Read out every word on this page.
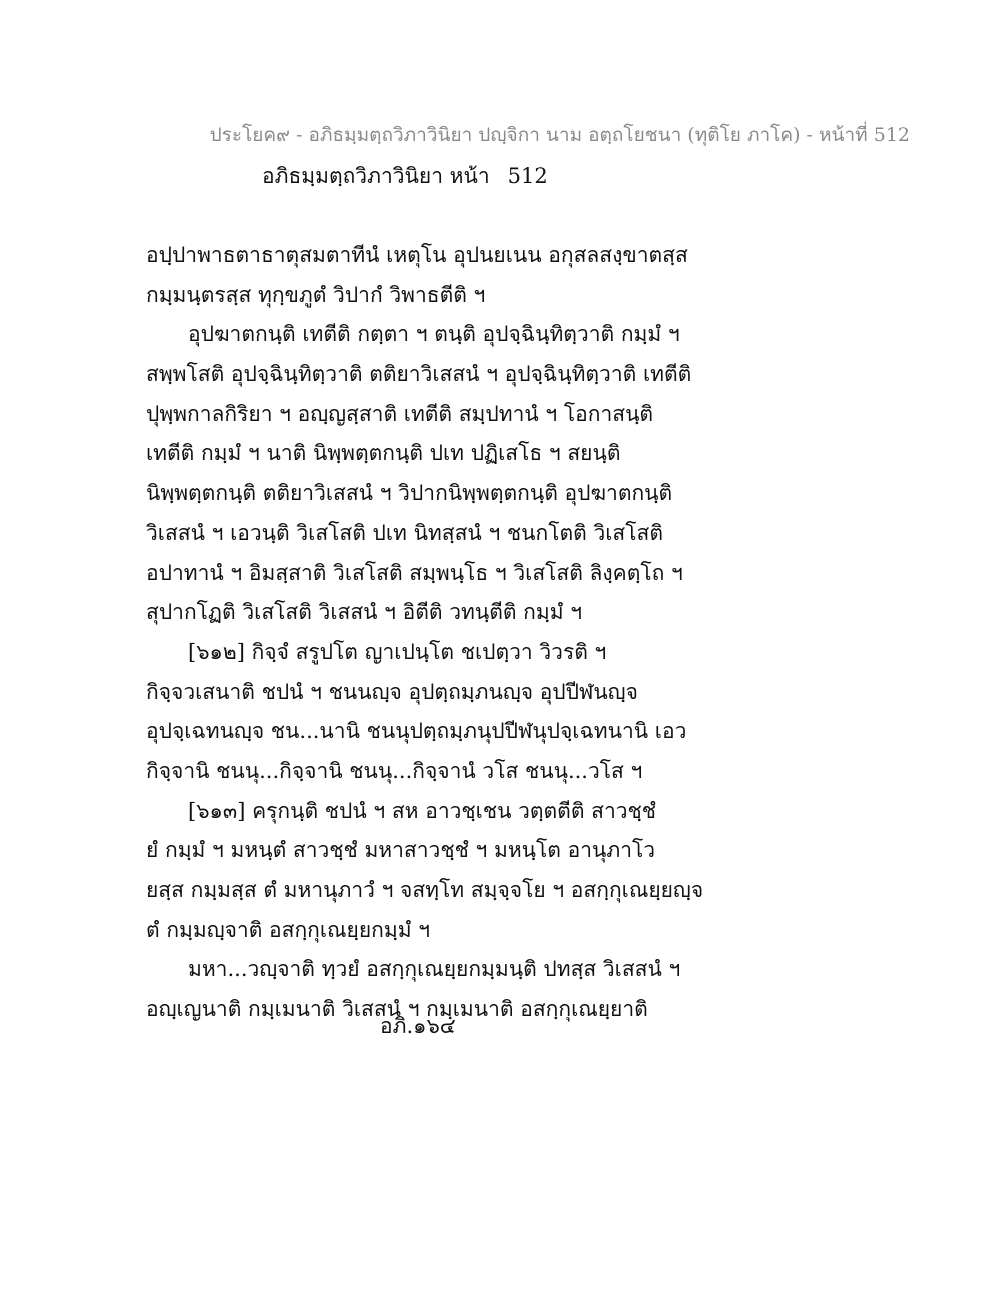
ประโยค๙ - อภิธมฺมตฺถวิภาวินิยา ปญฺจิกา นาม อตฺถโยชนา (ทุติโย ภาโค) - หน้าที่ 512
อภิธมฺมตฺถวิภาวินิยา หน้า 512
อปฺปาพาธตาธาตุสมตาทีนํ เหตุโน อุปนยเนน อกุสลสงฺขาตสฺส
กมฺมนฺตรสฺส ทุกฺขภูตํ วิปากํ วิพาธตีติ ฯ
อุปฆาตกนฺติ เทตีติ กตฺตา ฯ ตนฺติ อุปจฺฉินฺทิตฺวาติ กมฺมํ ฯ
สพฺพโสติ อุปจฺฉินฺทิตฺวาติ ตติยาวิเสสนํ ฯ อุปจฺฉินฺทิตฺวาติ เทตีติ
ปุพฺพกาลกิริยา ฯ อญฺญสฺสาติ เทตีติ สมฺปทานํ ฯ โอกาสนฺติ
เทตีติ กมฺมํ ฯ นาติ นิพฺพตฺตกนฺติ ปเท ปฏิเสโธ ฯ สยนฺติ
นิพฺพตฺตกนฺติ ตติยาวิเสสนํ ฯ วิปากนิพฺพตฺตกนฺติ อุปฆาตกนฺติ
วิเสสนํ ฯ เอวนฺติ วิเสโสติ ปเท นิทสฺสนํ ฯ ชนกโตติ วิเสโสติ
อปาทานํ ฯ อิมสฺสาติ วิเสโสติ สมฺพนฺโธ ฯ วิเสโสติ ลิงฺคตฺโถ ฯ
สุปากโฏติ วิเสโสติ วิเสสนํ ฯ อิตีติ วทนฺตีติ กมฺมํ ฯ
[๖๑๒] กิจฺจํ สรูปโต ญาเปนฺโต ชเปตฺวา วิวรติ ฯ
กิจฺจวเสนาติ ชปนํ ฯ ชนนญฺจ อุปตฺถมฺภนญฺจ อุปปีฬนญฺจ
อุปจฺเฉทนญฺจ ชน...นานิ ชนนุปตฺถมฺภนุปปีฬนุปจฺเฉทนานิ เอว
กิจฺจานิ ชนนุ...กิจฺจานิ ชนนุ...กิจฺจานํ วโส ชนนุ...วโส ฯ
[๖๑๓] ครุกนฺติ ชปนํ ฯ สห อาวชฺเชน วตฺตตีติ สาวชฺชํ
ยํ กมฺมํ ฯ มหนฺตํ สาวชฺชํ มหาสาวชฺชํ ฯ มหนฺโต อานุภาโว
ยสฺส กมฺมสฺส ตํ มหานุภาวํ ฯ จสทฺโท สมฺจฺจโย ฯ อสกฺกุเณยฺยญฺจ
ตํ กมฺมญฺจาติ อสกฺกุเณยฺยกมฺมํ ฯ
มหา...วญฺจาติ ทฺวยํ อสกฺกุเณยฺยกมฺมนฺติ ปทสฺส วิเสสนํ ฯ
อญฺเญนาติ กมฺเมนาติ วิเสสนํ ฯ กมฺเมนาติ อสกฺกุเณยฺยาติ
อภิ.๑๖๔
